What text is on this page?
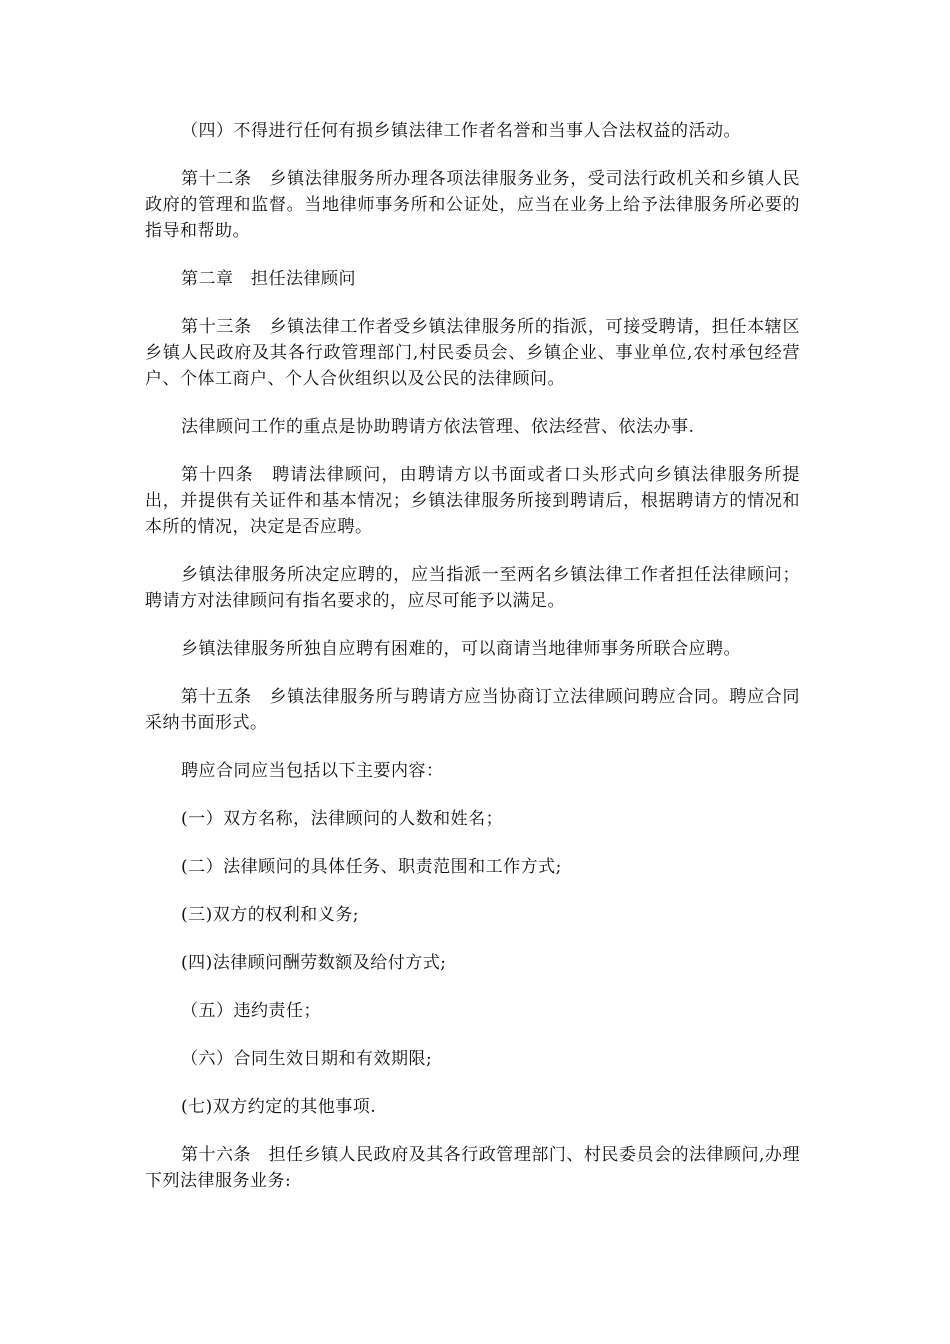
（四）不得进行任何有损乡镇法律工作者名誉和当事人合法权益的活动。

第十二条　乡镇法律服务所办理各项法律服务业务，受司法行政机关和乡镇人民政府的管理和监督。当地律师事务所和公证处，应当在业务上给予法律服务所必要的指导和帮助。

第二章　担任法律顾问

第十三条　乡镇法律工作者受乡镇法律服务所的指派，可接受聘请，担任本辖区乡镇人民政府及其各行政管理部门,村民委员会、乡镇企业、事业单位,农村承包经营户、个体工商户、个人合伙组织以及公民的法律顾问。

法律顾问工作的重点是协助聘请方依法管理、依法经营、依法办事.

第十四条　聘请法律顾问，由聘请方以书面或者口头形式向乡镇法律服务所提出，并提供有关证件和基本情况；乡镇法律服务所接到聘请后，根据聘请方的情况和本所的情况，决定是否应聘。

乡镇法律服务所决定应聘的，应当指派一至两名乡镇法律工作者担任法律顾问；聘请方对法律顾问有指名要求的，应尽可能予以满足。

乡镇法律服务所独自应聘有困难的，可以商请当地律师事务所联合应聘。

第十五条　乡镇法律服务所与聘请方应当协商订立法律顾问聘应合同。聘应合同采纳书面形式。

聘应合同应当包括以下主要内容：

(一）双方名称，法律顾问的人数和姓名；

(二）法律顾问的具体任务、职责范围和工作方式;

(三)双方的权利和义务;

(四)法律顾问酬劳数额及给付方式;

（五）违约责任；

（六）合同生效日期和有效期限;

(七)双方约定的其他事项.

第十六条　担任乡镇人民政府及其各行政管理部门、村民委员会的法律顾问,办理下列法律服务业务:
